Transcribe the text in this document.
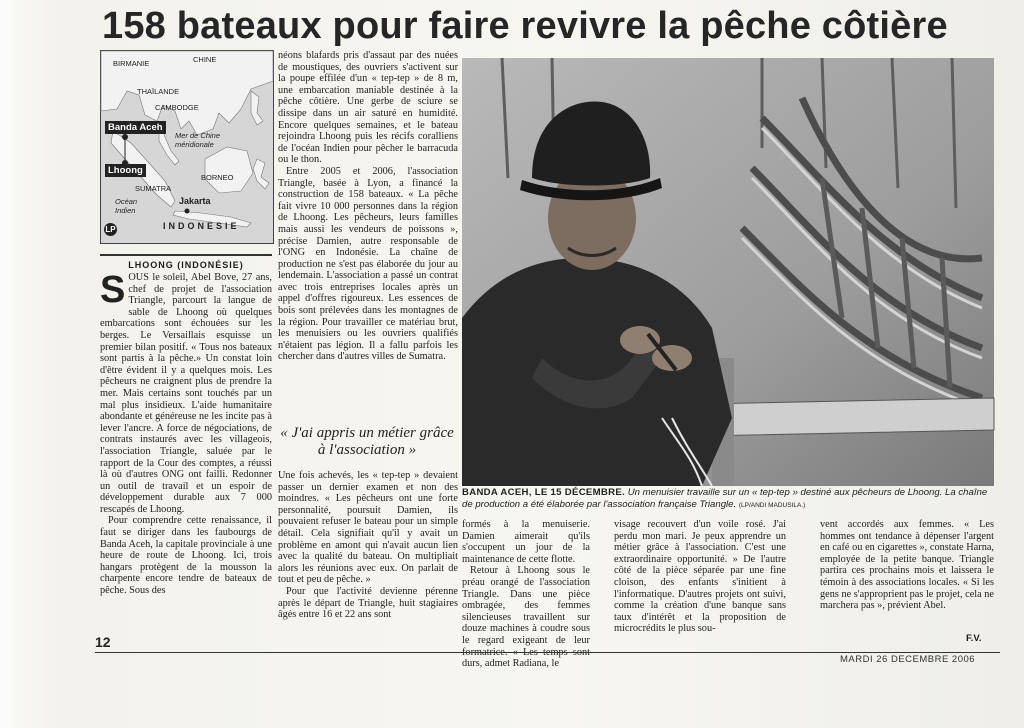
158 bateaux pour faire revivre la pêche côtière
BIRMANIE	CHINE
THAÏLANDE
CAMBODGE
Banda Aceh
Mer de Chine méridionale
Lhoong
SUMATRA
BORNEO
Océan Indien
Jakarta
INDONESIE
LP
LHOONG (INDONÉSIE)
S OUS le soleil, Abel Bove, 27 ans, chef de projet de l'association Triangle, parcourt la langue de sable de Lhoong où quelques embarcations sont échouées sur les berges. Le Versaillais esquisse un premier bilan positif. « Tous nos bateaux sont partis à la pêche.» Un constat loin d'être évident il y a quelques mois. Les pêcheurs ne craignent plus de prendre la mer. Mais certains sont touchés par un mal plus insidieux. L'aide humanitaire abondante et généreuse ne les incite pas à lever l'ancre. A force de négociations, de contrats instaurés avec les villageois, l'association Triangle, saluée par le rapport de la Cour des comptes, a réussi là où d'autres ONG ont failli. Redonner un outil de travail et un espoir de développement durable aux 7 000 rescapés de Lhoong.

Pour comprendre cette renaissance, il faut se diriger dans les faubourgs de Banda Aceh, la capitale provinciale à une heure de route de Lhoong. Ici, trois hangars protègent de la mousson la charpente encore tendre de bateaux de pêche. Sous des

néons blafards pris d'assaut par des nuées de moustiques, des ouvriers s'activent sur la poupe effilée d'un « tep-tep » de 8 m, une embarcation maniable destinée à la pêche côtière. Une gerbe de sciure se dissipe dans un air saturé en humidité. Encore quelques semaines, et le bateau rejoindra Lhoong puis les récifs coralliens de l'océan Indien pour pêcher le barracuda ou le thon.

Entre 2005 et 2006, l'association Triangle, basée à Lyon, a financé la construction de 158 bateaux. « La pêche fait vivre 10 000 personnes dans la région de Lhoong. Les pêcheurs, leurs familles mais aussi les vendeurs de poissons », précise Damien, autre responsable de l'ONG en Indonésie. La chaîne de production ne s'est pas élaborée du jour au lendemain. L'association a passé un contrat avec trois entreprises locales après un appel d'offres rigoureux. Les essences de bois sont prélevées dans les montagnes de la région. Pour travailler ce matériau brut, les menuisiers ou les ouvriers qualifiés n'étaient pas légion. Il a fallu parfois les chercher dans d'autres villes de Sumatra.

« J'ai appris un métier grâce à l'association »

Une fois achevés, les « tep-tep » devaient passer un dernier examen et non des moindres. « Les pêcheurs ont une forte personnalité, poursuit Damien, ils pouvaient refuser le bateau pour un simple détail. Cela signifiait qu'il y avait un problème en amont qui n'avait aucun lien avec la qualité du bateau. On multipliait alors les réunions avec eux. On parlait de tout et peu de pêche. »

Pour que l'activité devienne pérenne après le départ de Triangle, huit stagiaires âgés entre 16 et 22 ans sont

BANDA ACEH, LE 15 DÉCEMBRE. Un menuisier travaille sur un « tep-tep » destiné aux pêcheurs de Lhoong. La chaîne de production a été élaborée par l'association française Triangle. (LP/ANDI MADUSILA.)

formés à la menuiserie. Damien aimerait qu'ils s'occupent un jour de la maintenance de cette flotte.

Retour à Lhoong sous le préau orangé de l'association Triangle. Dans une pièce ombragée, des femmes silencieuses travaillent sur douze machines à coudre sous le regard exigeant de leur formatrice. « Les temps sont durs, admet Radiana, le

visage recouvert d'un voile rosé. J'ai perdu mon mari. Je peux apprendre un métier grâce à l'association. C'est une extraordinaire opportunité. » De l'autre côté de la pièce séparée par une fine cloison, des enfants s'initient à l'informatique. D'autres projets ont suivi, comme la création d'une banque sans taux d'intérêt et la proposition de microcrédits le plus sou-

vent accordés aux femmes. « Les hommes ont tendance à dépenser l'argent en café ou en cigarettes », constate Harna, employée de la petite banque. Triangle partira ces prochains mois et laissera le témoin à des associations locales. « Si les gens ne s'approprient pas le projet, cela ne marchera pas », prévient Abel.

F.V.
12
MARDI 26 DECEMBRE 2006
